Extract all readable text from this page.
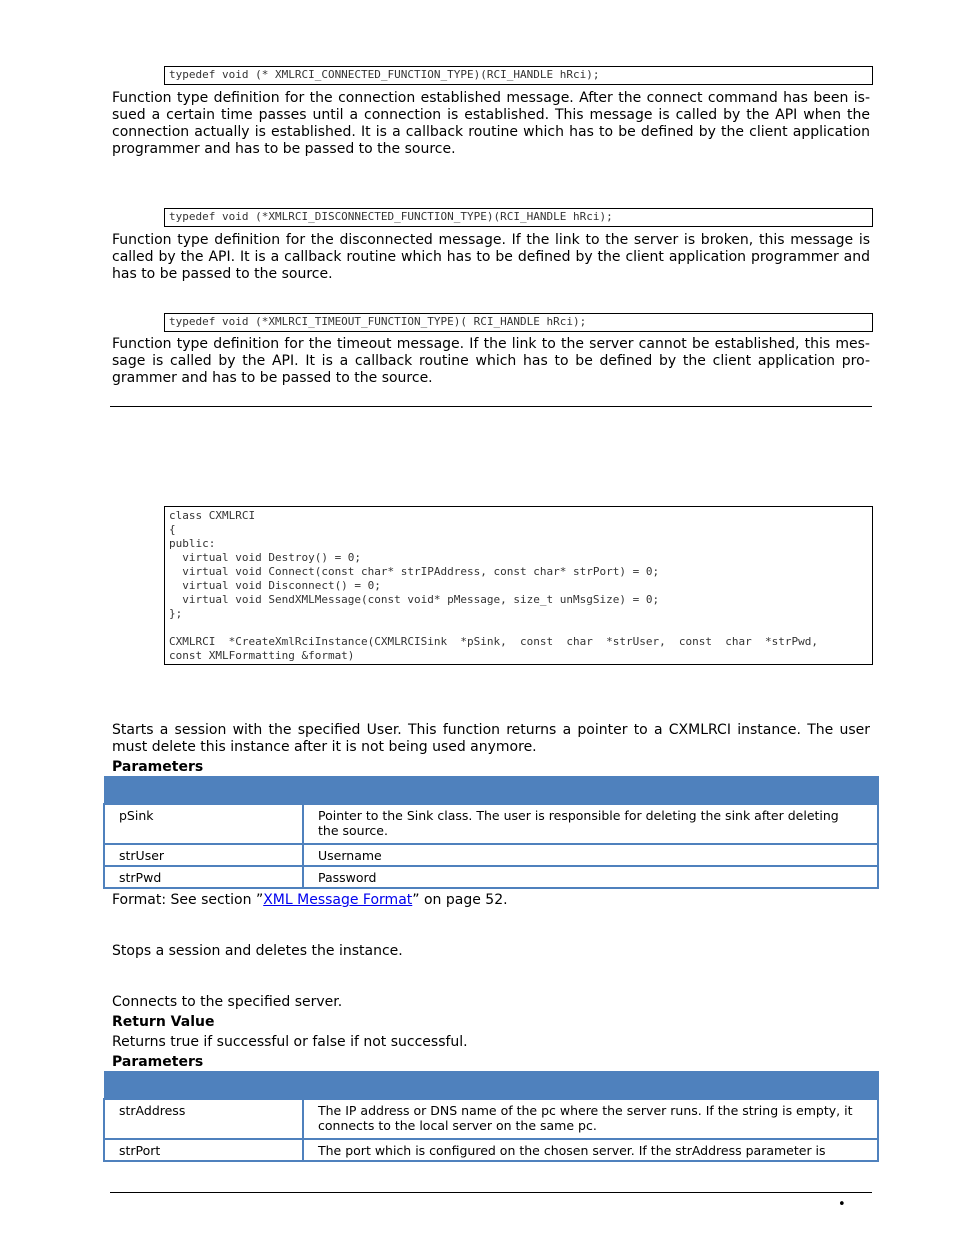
typedef void (* XMLRCI_CONNECTED_FUNCTION_TYPE)(RCI_HANDLE hRci);
Function type definition for the connection established message. After the connect command has been is-sued a certain time passes until a connection is established. This message is called by the API when the connection actually is established. It is a callback routine which has to be defined by the client application programmer and has to be passed to the source.
typedef void (*XMLRCI_DISCONNECTED_FUNCTION_TYPE)(RCI_HANDLE hRci);
Function type definition for the disconnected message. If the link to the server is broken, this message is called by the API. It is a callback routine which has to be defined by the client application programmer and has to be passed to the source.
typedef void (*XMLRCI_TIMEOUT_FUNCTION_TYPE)( RCI_HANDLE hRci);
Function type definition for the timeout message. If the link to the server cannot be established, this mes-sage is called by the API. It is a callback routine which has to be defined by the client application pro-grammer and has to be passed to the source.
class CXMLRCI
{
public:
virtual void Destroy() = 0;
virtual void Connect(const char* strIPAddress, const char* strPort) = 0;
virtual void Disconnect() = 0;
virtual void SendXMLMessage(const void* pMessage, size_t unMsgSize) = 0;
};

CXMLRCI  *CreateXmlRciInstance(CXMLRCISink  *pSink,  const  char  *strUser,  const  char  *strPwd,
const XMLFormatting &format)
Starts a session with the specified User. This function returns a pointer to a CXMLRCI instance. The user must delete this instance after it is not being used anymore.
Parameters

pSink	Pointer to the Sink class. The user is responsible for deleting the sink after deleting the source.
strUser	Username
strPwd	Password
Format: See section ”XML Message Format” on page 52.
Stops a session and deletes the instance.
Connects to the specified server.
Return Value
Returns true if successful or false if not successful.
Parameters

strAddress	The IP address or DNS name of the pc where the server runs. If the string is empty, it connects to the local server on the same pc.
strPort	The port which is configured on the chosen server. If the strAddress parameter is
•
